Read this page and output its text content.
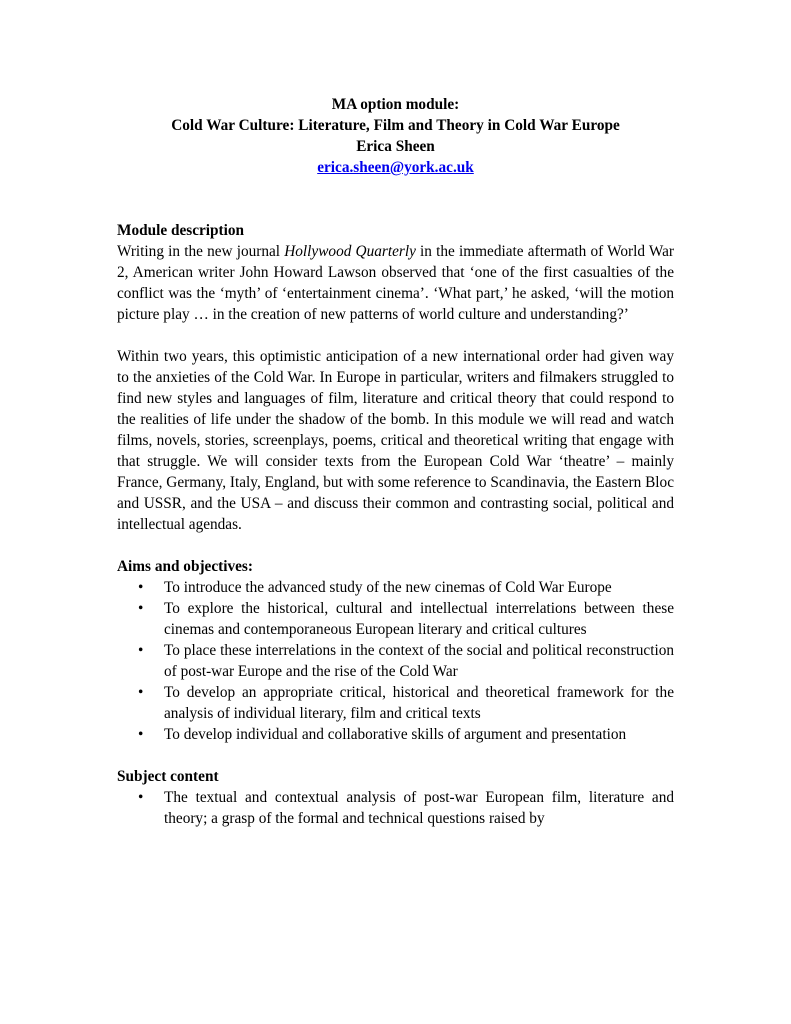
MA option module:

Cold War Culture: Literature, Film and Theory in Cold War Europe

Erica Sheen

erica.sheen@york.ac.uk

Module description

Writing in the new journal Hollywood Quarterly in the immediate aftermath of World War 2, American writer John Howard Lawson observed that ‘one of the first casualties of the conflict was the ‘myth’ of ‘entertainment cinema’. ‘What part,’ he asked, ‘will the motion picture play … in the creation of new patterns of world culture and understanding?’

Within two years, this optimistic anticipation of a new international order had given way to the anxieties of the Cold War. In Europe in particular, writers and filmakers struggled to find new styles and languages of film, literature and critical theory that could respond to the realities of life under the shadow of the bomb. In this module we will read and watch films, novels, stories, screenplays, poems, critical and theoretical writing that engage with that struggle. We will consider texts from the European Cold War ‘theatre’ – mainly France, Germany, Italy, England, but with some reference to Scandinavia, the Eastern Bloc and USSR, and the USA – and discuss their common and contrasting social, political and intellectual agendas.

Aims and objectives:

• To introduce the advanced study of the new cinemas of Cold War Europe
• To explore the historical, cultural and intellectual interrelations between these cinemas and contemporaneous European literary and critical cultures
• To place these interrelations in the context of the social and political reconstruction of post-war Europe and the rise of the Cold War
• To develop an appropriate critical, historical and theoretical framework for the analysis of individual literary, film and critical texts
• To develop individual and collaborative skills of argument and presentation

Subject content

• The textual and contextual analysis of post-war European film, literature and theory; a grasp of the formal and technical questions raised by
